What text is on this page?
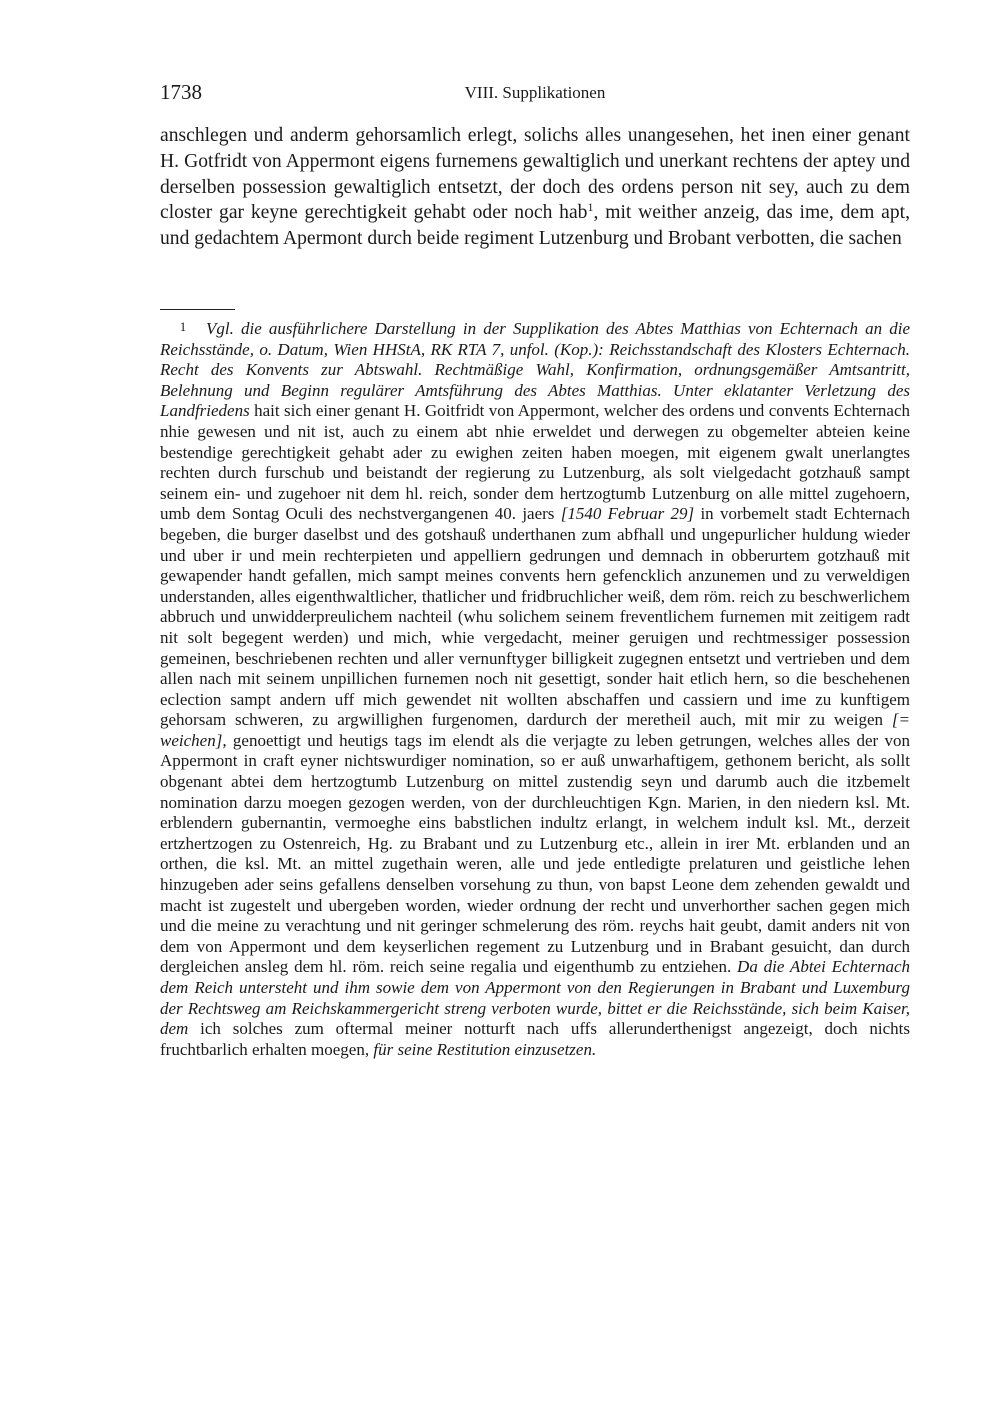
1738	VIII. Supplikationen

anschlegen und anderm gehorsamlich erlegt, solichs alles unangesehen, het inen einer genant H. Gotfridt von Appermont eigens furnemens gewaltiglich und unerkant rechtens der aptey und derselben possession gewaltiglich entsetzt, der doch des ordens person nit sey, auch zu dem closter gar keyne gerechtigkeit gehabt oder noch hab$^1$, mit weither anzeig, das ime, dem apt, und gedachtem Apermont durch beide regiment Lutzenburg und Brobant verbotten, die sachen

1 Vgl. die ausführlichere Darstellung in der Supplikation des Abtes Matthias von Echternach an die Reichsstände, o. Datum, Wien HHStA, RK RTA 7, unfol. (Kop.): Reichsstandschaft des Klosters Echternach. Recht des Konvents zur Abtswahl. Rechtmäßige Wahl, Konfirmation, ordnungsgemäßer Amtsantritt, Belehnung und Beginn regulärer Amtsführung des Abtes Matthias. Unter eklatanter Verletzung des Landfriedens hait sich einer genant H. Goitfridt von Appermont, welcher des ordens und convents Echternach nhie gewesen und nit ist, auch zu einem abt nhie erweldet und derwegen zu obgemelter abteien keine bestendige gerechtigkeit gehabt ader zu ewighen zeiten haben moegen, mit eigenem gwalt unerlangtes rechten durch furschub und beistandt der regierung zu Lutzenburg, als solt vielgedacht gotzhauß sampt seinem ein- und zugehoer nit dem hl. reich, sonder dem hertzogtumb Lutzenburg on alle mittel zugehoern, umb dem Sontag Oculi des nechstvergangenen 40. jaers [1540 Februar 29] in vorbemelt stadt Echternach begeben, die burger daselbst und des gotshauß underthanen zum abfhall und ungepurlicher huldung wieder und uber ir und mein rechterpieten und appelliern gedrungen und demnach in obberurtem gotzhauß mit gewapender handt gefallen, mich sampt meines convents hern gefencklich anzunemen und zu verweldigen understanden, alles eigenthwaltlicher, thatlicher und fridbruchlicher weiß, dem röm. reich zu beschwerlichem abbruch und unwidderpreulichem nachteil (whu solichem seinem freventlichem furnemen mit zeitigem radt nit solt begegent werden) und mich, whie vergedacht, meiner geruigen und rechtmessiger possession gemeinen, beschriebenen rechten und aller vernunftyger billigkeit zugegnen entsetzt und vertrieben und dem allen nach mit seinem unpillichen furnemen noch nit gesettigt, sonder hait etlich hern, so die beschehenen eclection sampt andern uff mich gewendet nit wollten abschaffen und cassiern und ime zu kunftigem gehorsam schweren, zu argwillighen furgenomen, dardurch der meretheil auch, mit mir zu weigen [= weichen], genoettigt und heutigs tags im elendt als die verjagte zu leben getrungen, welches alles der von Appermont in craft eyner nichtswurdiger nomination, so er auß unwarhaftigem, gethonem bericht, als sollt obgenant abtei dem hertzogtumb Lutzenburg on mittel zustendig seyn und darumb auch die itzbemelt nomination darzu moegen gezogen werden, von der durchleuchtigen Kgn. Marien, in den niedern ksl. Mt. erblendern gubernantin, vermoeghe eins babstlichen indultz erlangt, in welchem indult ksl. Mt., derzeit ertzhertzogen zu Ostenreich, Hg. zu Brabant und zu Lutzenburg etc., allein in irer Mt. erblanden und an orthen, die ksl. Mt. an mittel zugethain weren, alle und jede entledigte prelaturen und geistliche lehen hinzugeben ader seins gefallens denselben vorsehung zu thun, von bapst Leone dem zehenden gewaldt und macht ist zugestelt und ubergeben worden, wieder ordnung der recht und unverhorther sachen gegen mich und die meine zu verachtung und nit geringer schmelerung des röm. reychs hait geubt, damit anders nit von dem von Appermont und dem keyserlichen regement zu Lutzenburg und in Brabant gesuicht, dan durch dergleichen ansleg dem hl. röm. reich seine regalia und eigenthumb zu entziehen. Da die Abtei Echternach dem Reich untersteht und ihm sowie dem von Appermont von den Regierungen in Brabant und Luxemburg der Rechtsweg am Reichskammergericht streng verboten wurde, bittet er die Reichsstände, sich beim Kaiser, dem ich solches zum oftermal meiner notturft nach uffs allerunderthenigst angezeigt, doch nichts fruchtbarlich erhalten moegen, für seine Restitution einzusetzen.
